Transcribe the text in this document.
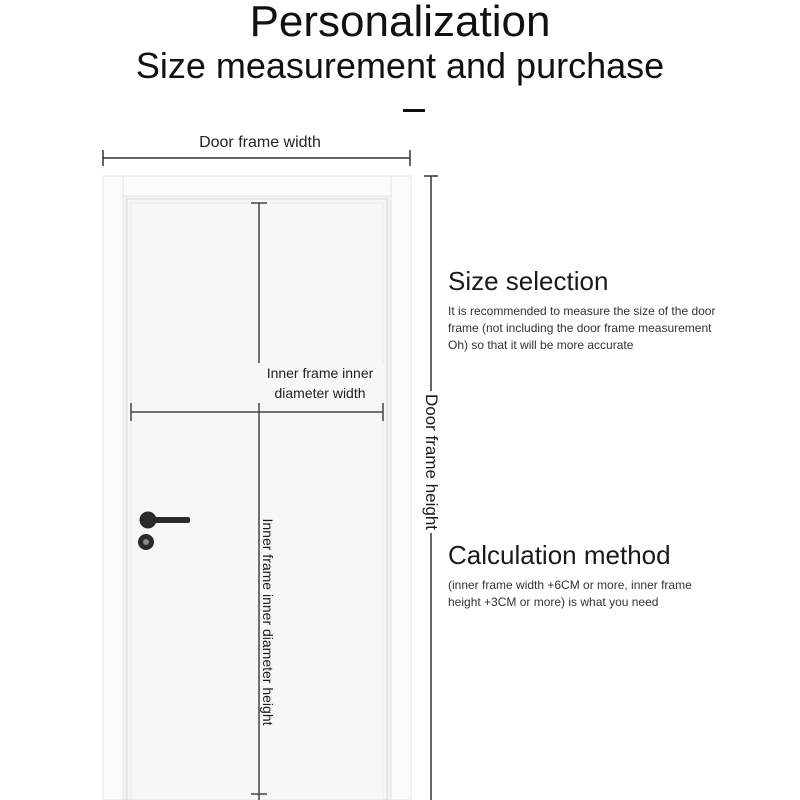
Personalization
Size measurement and purchase
Door frame width
Inner frame inner diameter width
Door frame height
Inner frame inner diameter height
Size selection
It is recommended to measure the size of the door frame (not including the door frame measurement Oh) so that it will be more accurate
Calculation method
(inner frame width +6CM or more, inner frame height +3CM or more) is what you need
